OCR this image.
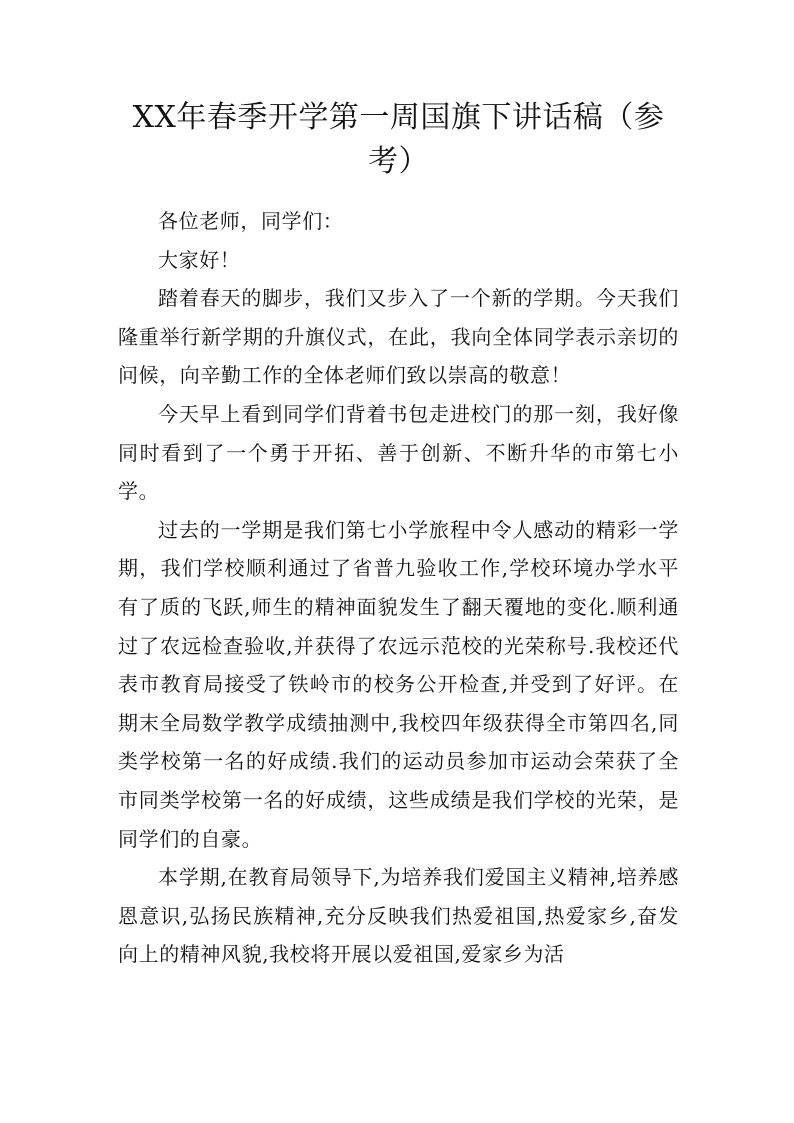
XX年春季开学第一周国旗下讲话稿（参考）

各位老师，同学们：

大家好！

踏着春天的脚步，我们又步入了一个新的学期。今天我们隆重举行新学期的升旗仪式，在此，我向全体同学表示亲切的问候，向辛勤工作的全体老师们致以崇高的敬意！

今天早上看到同学们背着书包走进校门的那一刻，我好像同时看到了一个勇于开拓、善于创新、不断升华的市第七小学。

过去的一学期是我们第七小学旅程中令人感动的精彩一学期，我们学校顺利通过了省普九验收工作,学校环境办学水平有了质的飞跃,师生的精神面貌发生了翻天覆地的变化.顺利通过了农远检查验收,并获得了农远示范校的光荣称号.我校还代表市教育局接受了铁岭市的校务公开检查,并受到了好评。在期末全局数学教学成绩抽测中,我校四年级获得全市第四名,同类学校第一名的好成绩.我们的运动员参加市运动会荣获了全市同类学校第一名的好成绩，这些成绩是我们学校的光荣，是同学们的自豪。

本学期,在教育局领导下,为培养我们爱国主义精神,培养感恩意识,弘扬民族精神,充分反映我们热爱祖国,热爱家乡,奋发向上的精神风貌,我校将开展以爱祖国,爱家乡为活
